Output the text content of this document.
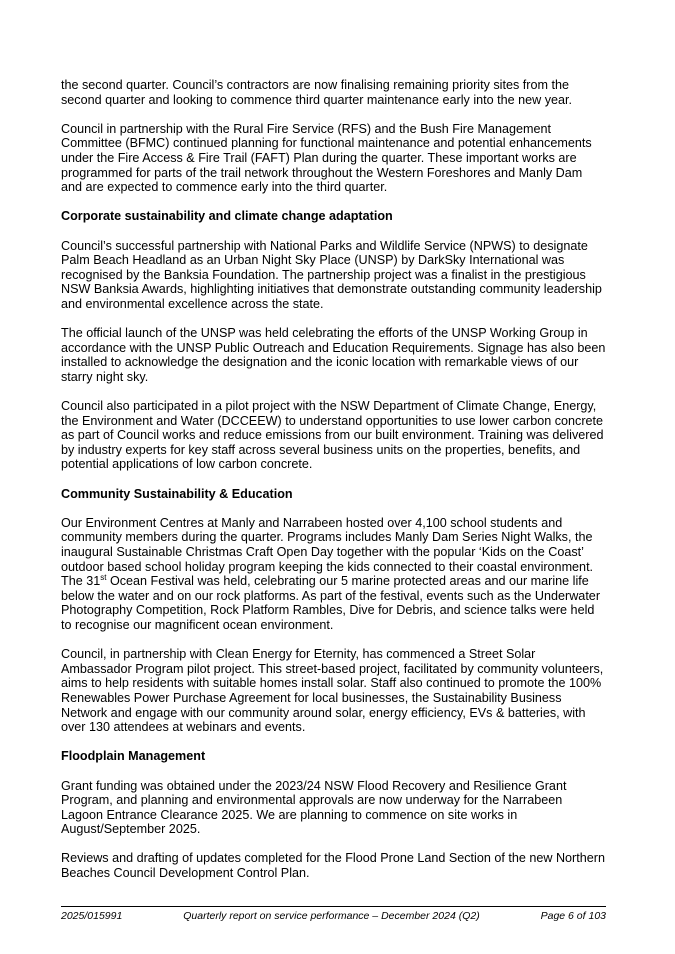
the second quarter. Council’s contractors are now finalising remaining priority sites from the second quarter and looking to commence third quarter maintenance early into the new year.

Council in partnership with the Rural Fire Service (RFS) and the Bush Fire Management Committee (BFMC) continued planning for functional maintenance and potential enhancements under the Fire Access & Fire Trail (FAFT) Plan during the quarter. These important works are programmed for parts of the trail network throughout the Western Foreshores and Manly Dam and are expected to commence early into the third quarter.

Corporate sustainability and climate change adaptation

Council’s successful partnership with National Parks and Wildlife Service (NPWS) to designate Palm Beach Headland as an Urban Night Sky Place (UNSP) by DarkSky International was recognised by the Banksia Foundation. The partnership project was a finalist in the prestigious NSW Banksia Awards, highlighting initiatives that demonstrate outstanding community leadership and environmental excellence across the state.

The official launch of the UNSP was held celebrating the efforts of the UNSP Working Group in accordance with the UNSP Public Outreach and Education Requirements. Signage has also been installed to acknowledge the designation and the iconic location with remarkable views of our starry night sky.

Council also participated in a pilot project with the NSW Department of Climate Change, Energy, the Environment and Water (DCCEEW) to understand opportunities to use lower carbon concrete as part of Council works and reduce emissions from our built environment. Training was delivered by industry experts for key staff across several business units on the properties, benefits, and potential applications of low carbon concrete.

Community Sustainability & Education

Our Environment Centres at Manly and Narrabeen hosted over 4,100 school students and community members during the quarter. Programs includes Manly Dam Series Night Walks, the inaugural Sustainable Christmas Craft Open Day together with the popular ‘Kids on the Coast’ outdoor based school holiday program keeping the kids connected to their coastal environment. The 31st Ocean Festival was held, celebrating our 5 marine protected areas and our marine life below the water and on our rock platforms. As part of the festival, events such as the Underwater Photography Competition, Rock Platform Rambles, Dive for Debris, and science talks were held to recognise our magnificent ocean environment.

Council, in partnership with Clean Energy for Eternity, has commenced a Street Solar Ambassador Program pilot project. This street-based project, facilitated by community volunteers, aims to help residents with suitable homes install solar. Staff also continued to promote the 100% Renewables Power Purchase Agreement for local businesses, the Sustainability Business Network and engage with our community around solar, energy efficiency, EVs & batteries, with over 130 attendees at webinars and events.

Floodplain Management

Grant funding was obtained under the 2023/24 NSW Flood Recovery and Resilience Grant Program, and planning and environmental approvals are now underway for the Narrabeen Lagoon Entrance Clearance 2025. We are planning to commence on site works in August/September 2025.

Reviews and drafting of updates completed for the Flood Prone Land Section of the new Northern Beaches Council Development Control Plan.

2025/015991	Quarterly report on service performance – December 2024 (Q2)	Page 6 of 103
